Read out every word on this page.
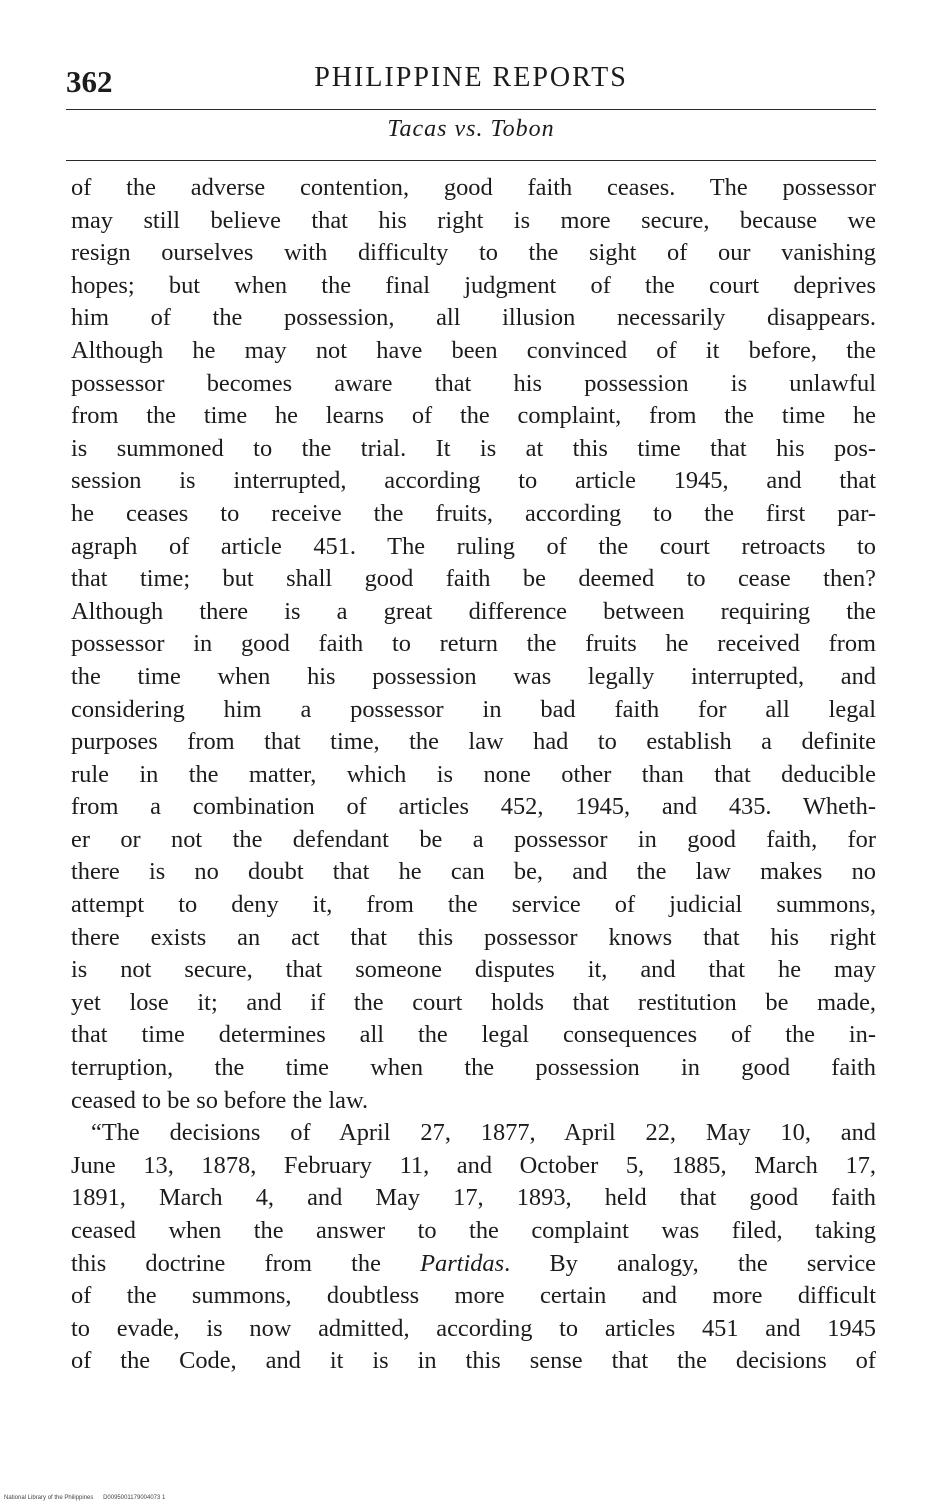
362	PHILIPPINE REPORTS
Tacas vs. Tobon
of the adverse contention, good faith ceases. The possessor
may still believe that his right is more secure, because we
resign ourselves with difficulty to the sight of our vanishing
hopes; but when the final judgment of the court deprives
him of the possession, all illusion necessarily disappears.
Although he may not have been convinced of it before, the
possessor becomes aware that his possession is unlawful
from the time he learns of the complaint, from the time he
is summoned to the trial. It is at this time that his pos-
session is interrupted, according to article 1945, and that
he ceases to receive the fruits, according to the first par-
agraph of article 451. The ruling of the court retroacts to
that time; but shall good faith be deemed to cease then?
Although there is a great difference between requiring the
possessor in good faith to return the fruits he received from
the time when his possession was legally interrupted, and
considering him a possessor in bad faith for all legal
purposes from that time, the law had to establish a definite
rule in the matter, which is none other than that deducible
from a combination of articles 452, 1945, and 435. Wheth-
er or not the defendant be a possessor in good faith, for
there is no doubt that he can be, and the law makes no
attempt to deny it, from the service of judicial summons,
there exists an act that this possessor knows that his right
is not secure, that someone disputes it, and that he may
yet lose it; and if the court holds that restitution be made,
that time determines all the legal consequences of the in-
terruption, the time when the possession in good faith
ceased to be so before the law.
“The decisions of April 27, 1877, April 22, May 10, and
June 13, 1878, February 11, and October 5, 1885, March 17,
1891, March 4, and May 17, 1893, held that good faith
ceased when the answer to the complaint was filed, taking
this doctrine from the Partidas. By analogy, the service
of the summons, doubtless more certain and more difficult
to evade, is now admitted, according to articles 451 and 1945
of the Code, and it is in this sense that the decisions of
National Library of the Philippines D0095001179004073 1
